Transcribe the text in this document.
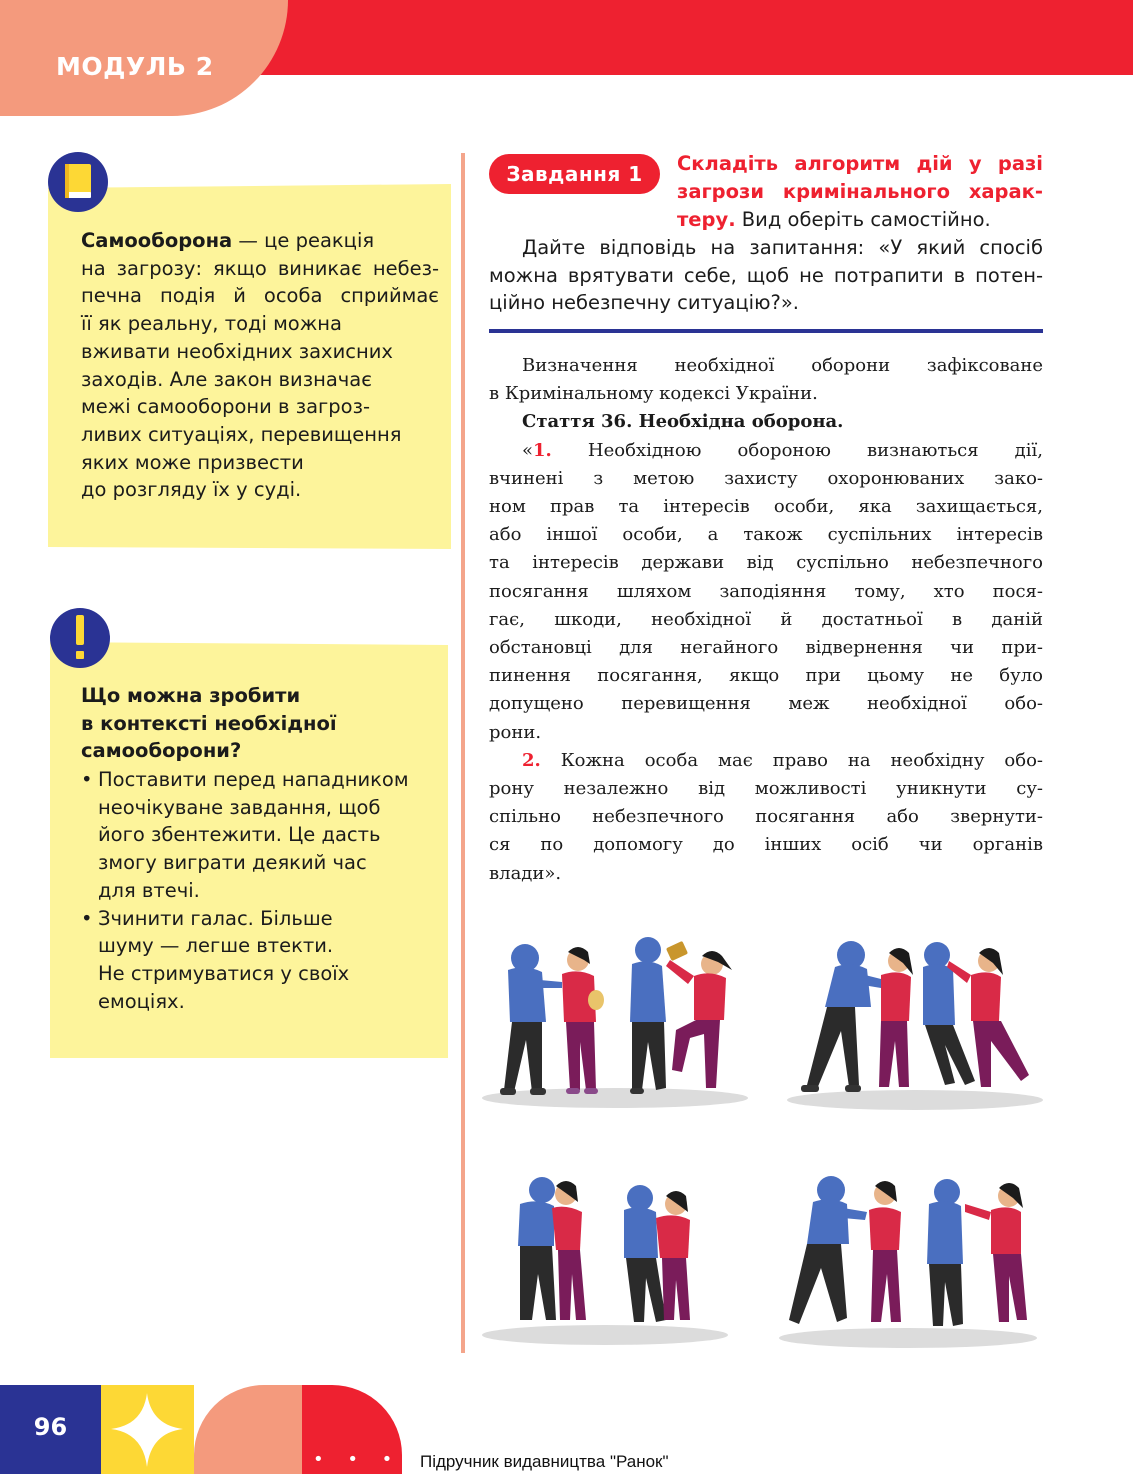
МОДУЛЬ 2
Самооборона — це реакція
на загрозу: якщо виникає небез-
печна подія й особа сприймає
її як реальну, тоді можна
вживати необхідних захисних
заходів. Але закон визначає
межі самооборони в загроз-
ливих ситуаціях, перевищення
яких може призвести
до розгляду їх у суді.
Що можна зробити
в контексті необхідної
самооборони?
• Поставити перед нападником
неочікуване завдання, щоб
його збентежити. Це дасть
змогу виграти деякий час
для втечі.
• Зчинити галас. Більше
шуму — легше втекти.
Не стримуватися у своїх
емоціях.
Завдання 1	Складіть алгоритм дій у разі
загрози кримінального харак-
теру. Вид оберіть самостійно.
Дайте відповідь на запитання: «У який спосіб
можна врятувати себе, щоб не потрапити в потен-
ційно небезпечну ситуацію?».
Визначення необхідної оборони зафіксоване
в Кримінальному кодексі України.
Стаття 36. Необхідна оборона.
«1. Необхідною обороною визнаються дії,
вчинені з метою захисту охоронюваних зако-
ном прав та інтересів особи, яка захищається,
або іншої особи, а також суспільних інтересів
та інтересів держави від суспільно небезпечного
посягання шляхом заподіяння тому, хто пося-
гає, шкоди, необхідної й достатньої в даній
обстановці для негайного відвернення чи при-
пинення посягання, якщо при цьому не було
допущено перевищення меж необхідної обо-
рони.
2. Кожна особа має право на необхідну обо-
рону незалежно від можливості уникнути су-
спільно небезпечного посягання або звернути-
ся по допомогу до інших осіб чи органів
влади».
96
• • • •
Підручник видавництва "Ранок"
